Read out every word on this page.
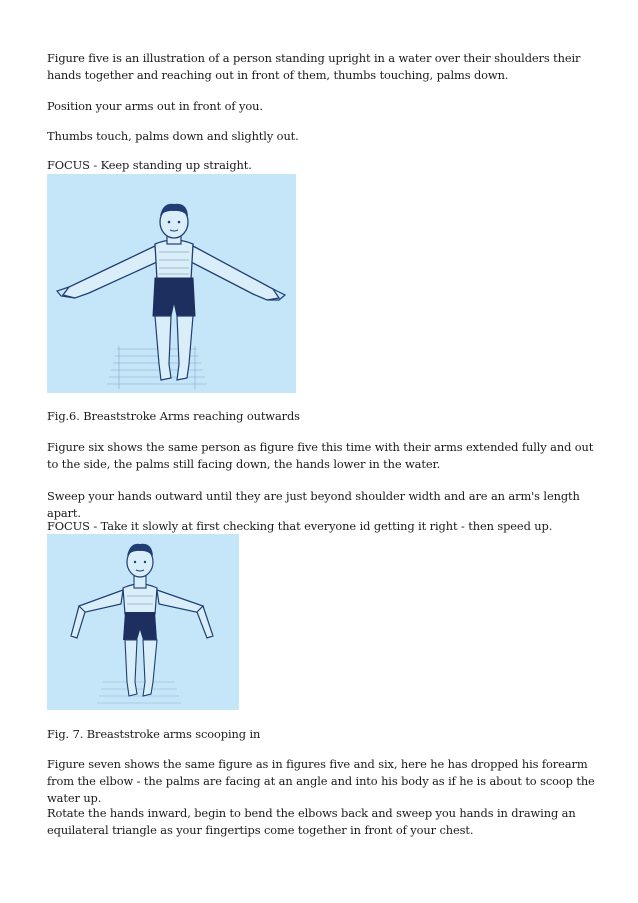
Figure five is an illustration of a person standing upright in a water over their shoulders their hands together and reaching out in front of them, thumbs touching, palms down.

Position your arms out in front of you.

Thumbs touch, palms down and slightly out.

FOCUS - Keep standing up straight.

Fig.6. Breaststroke Arms reaching outwards

Figure six shows the same person as figure five this time with their arms extended fully and out to the side, the palms still facing down, the hands lower in the water.

Sweep your hands outward until they are just beyond shoulder width and are an arm's length apart.

FOCUS - Take it slowly at first checking that everyone id getting it right - then speed up.

Fig. 7. Breaststroke arms scooping in

Figure seven shows the same figure as in figures five and six, here he has dropped his forearm from the elbow - the palms are facing at an angle and into his body as if he is about to scoop the water up.

Rotate the hands inward, begin to bend the elbows back and sweep you hands in drawing an equilateral triangle as your fingertips come together in front of your chest.
